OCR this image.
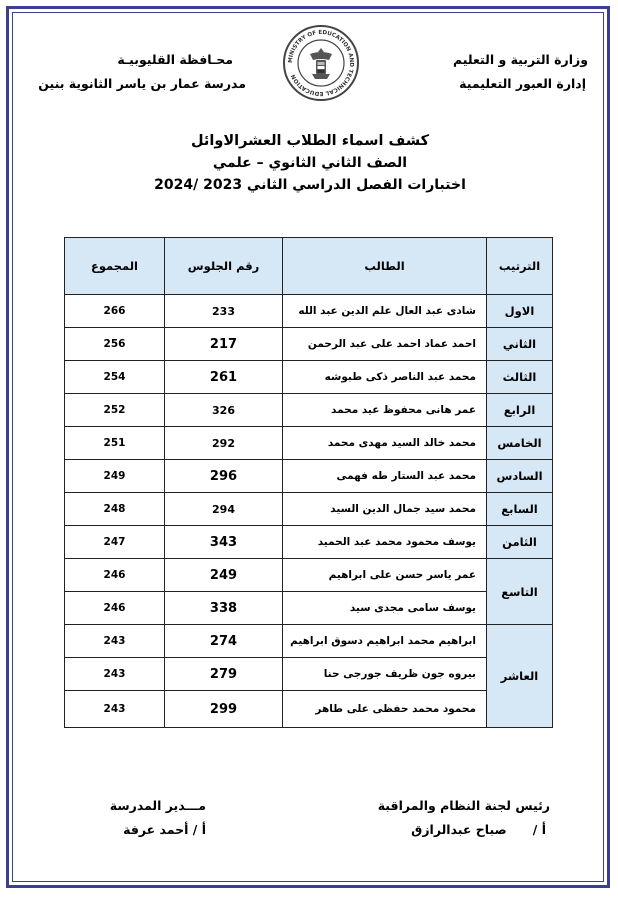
وزارة التربية و التعليم
إدارة العبور التعليمية
محـافظة القليوبيـة
مدرسة عمار بن ياسر الثانوية بنين
MINISTRY OF EDUCATION AND TECHNICAL EDUCATION
كشف اسماء الطلاب العشرالاوائل
الصف الثاني الثانوي – علمي
اختبارات الفصل الدراسي الثاني 2023 /2024
الترتيب	الطالب	رقم الجلوس	المجموع
الاول	شادى عبد العال علم الدين عبد الله	233	266
الثاني	احمد عماد احمد على عبد الرحمن	217	256
الثالث	محمد عبد الناصر ذكى طبوشه	261	254
الرابع	عمر هانى محفوظ عيد محمد	326	252
الخامس	محمد خالد السيد مهدى محمد	292	251
السادس	محمد عبد الستار طه فهمى	296	249
السابع	محمد سيد جمال الدين السيد	294	248
الثامن	يوسف محمود محمد عبد الحميد	343	247
التاسع	عمر ياسر حسن على ابراهيم	249	246
	يوسف سامى مجدى سيد	338	246
العاشر	ابراهيم محمد ابراهيم دسوق ابراهيم	274	243
	بيروه جون ظريف جورجى حنا	279	243
	محمود محمد حفظى على طاهر	299	243
رئيس لجنة النظام والمراقبة
أ /      صباح عبدالرازق
مـــدير المدرسة
أ / أحمد عرفة
